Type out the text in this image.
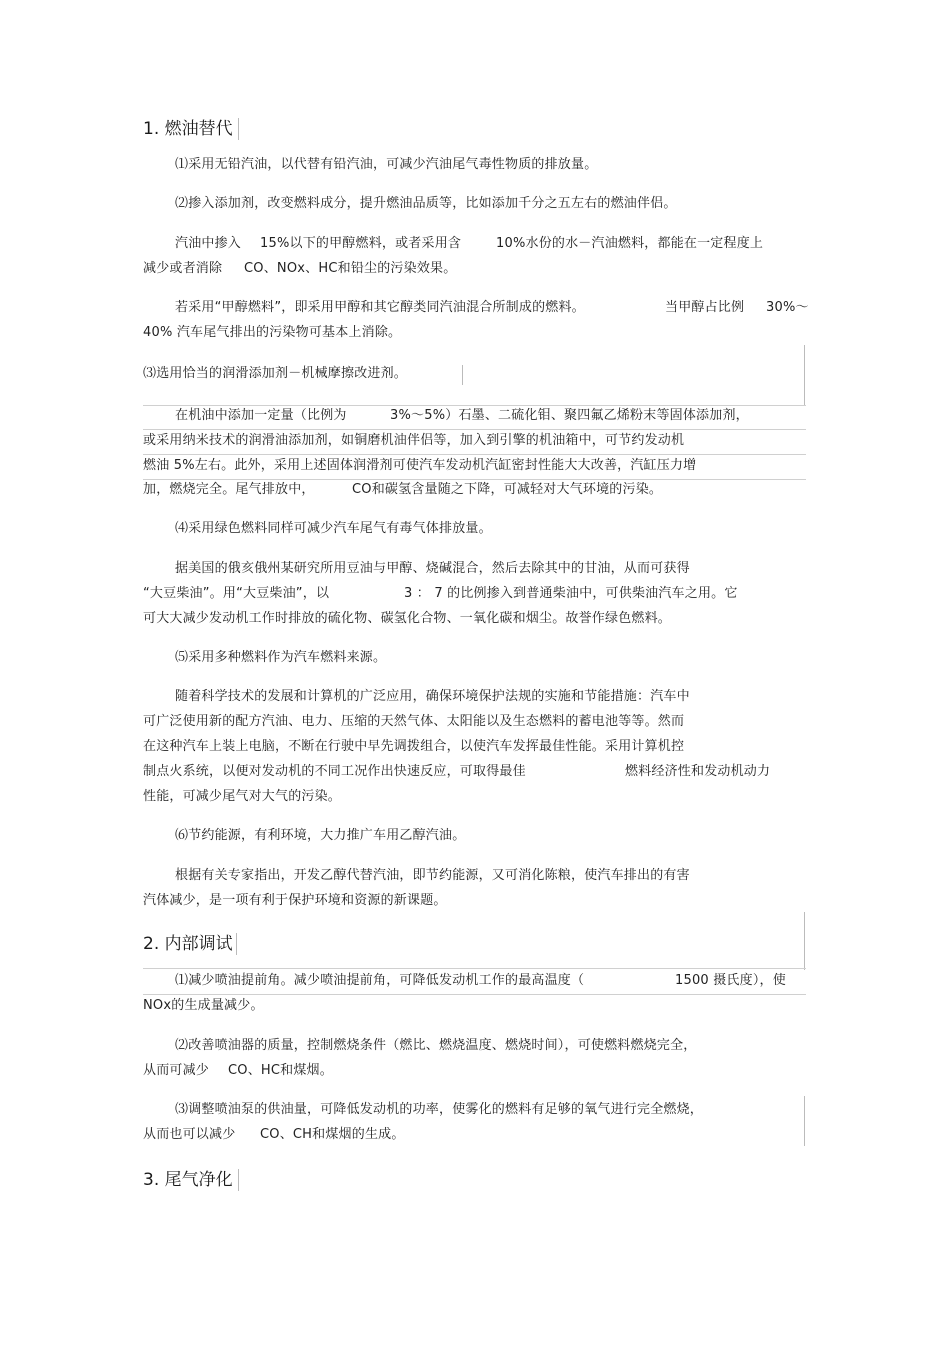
1. 燃油替代
⑴采用无铅汽油，以代替有铅汽油，可减少汽油尾气毒性物质的排放量。
⑵掺入添加剂，改变燃料成分，提升燃油品质等，比如添加千分之五左右的燃油伴侣。
汽油中掺入 15%以下的甲醇燃料，或者采用含	10%水份的水－汽油燃料，都能在一定程度上
减少或者消除 CO、NOx、HC和铅尘的污染效果。
若采用“甲醇燃料”，即采用甲醇和其它醇类同汽油混合所制成的燃料。	当甲醇占比例 30%～
40% 汽车尾气排出的污染物可基本上消除。
⑶选用恰当的润滑添加剂－机械摩擦改进剂。
在机油中添加一定量（比例为	3%～5%）石墨、二硫化钼、聚四氟乙烯粉末等固体添加剂，
或采用纳米技术的润滑油添加剂，如铜磨机油伴侣等，加入到引擎的机油箱中，可节约发动机
燃油 5%左右。此外，采用上述固体润滑剂可使汽车发动机汽缸密封性能大大改善，汽缸压力增
加，燃烧完全。尾气排放中，	CO和碳氢含量随之下降，可减轻对大气环境的污染。
⑷采用绿色燃料同样可减少汽车尾气有毒气体排放量。
据美国的俄亥俄州某研究所用豆油与甲醇、烧碱混合，然后去除其中的甘油，从而可获得
“大豆柴油”。用“大豆柴油”，以	3 ： 7 的比例掺入到普通柴油中，可供柴油汽车之用。它
可大大减少发动机工作时排放的硫化物、碳氢化合物、一氧化碳和烟尘。故誉作绿色燃料。
⑸采用多种燃料作为汽车燃料来源。
随着科学技术的发展和计算机的广泛应用，确保环境保护法规的实施和节能措施：汽车中
可广泛使用新的配方汽油、电力、压缩的天然气体、太阳能以及生态燃料的蓄电池等等。然而
在这种汽车上装上电脑，不断在行驶中早先调拨组合，以使汽车发挥最佳性能。采用计算机控
制点火系统，以便对发动机的不同工况作出快速反应，可取得最佳	燃料经济性和发动机动力
性能，可减少尾气对大气的污染。
⑹节约能源，有利环境，大力推广车用乙醇汽油。
根据有关专家指出，开发乙醇代替汽油，即节约能源，又可消化陈粮，使汽车排出的有害
汽体减少，是一项有利于保护环境和资源的新课题。
2. 内部调试
⑴减少喷油提前角。减少喷油提前角，可降低发动机工作的最高温度（	1500 摄氏度），使
NOx的生成量减少。
⑵改善喷油器的质量，控制燃烧条件（燃比、燃烧温度、燃烧时间），可使燃料燃烧完全，
从而可减少 CO、HC和煤烟。
⑶调整喷油泵的供油量，可降低发动机的功率，使雾化的燃料有足够的氧气进行完全燃烧，
从而也可以减少 CO、CH和煤烟的生成。
3. 尾气净化
